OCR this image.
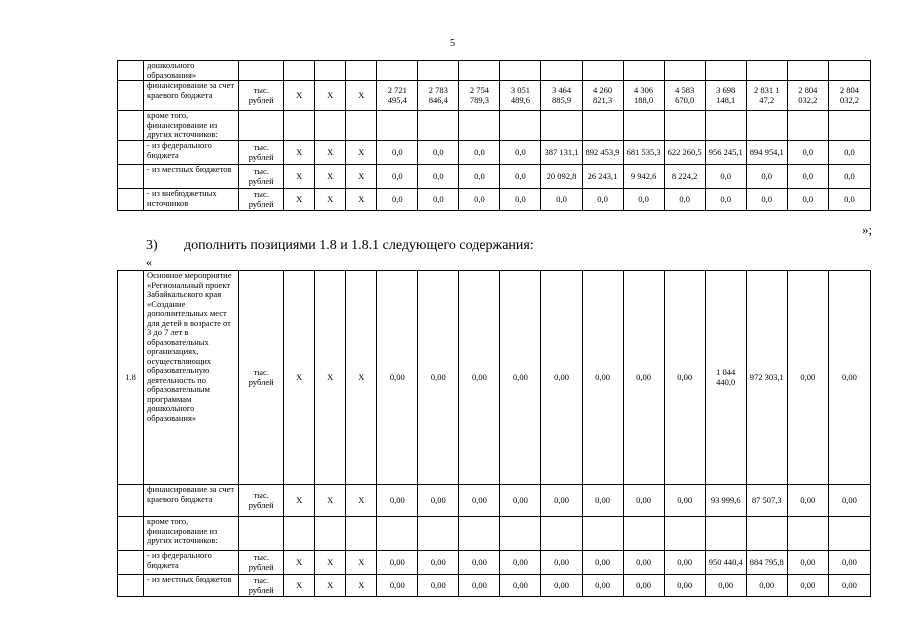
5
	дошкольного образования»																
	финансирование за счет краевого бюджета	тыс. рублей	X	X	X	2 721 495,4	2 783 846,4	2 754 789,3	3 051 489,6	3 464 885,9	4 260 821,3	4 306 188,0	4 583 670,0	3 698 148,1	2 831 1 47,2	2 804 032,2	2 804 032,2
	кроме того, финансирование из других источников:																
	- из федерального бюджета	тыс. рублей	X	X	X	0,0	0,0	0,0	0,0	387 131,1	892 453,9	681 535,3	622 260,5	956 245,1	894 954,1	0,0	0,0
	- из местных бюджетов	тыс. рублей	X	X	X	0,0	0,0	0,0	0,0	20 092,8	26 243,1	9 942,6	8 224,2	0,0	0,0	0,0	0,0
	- из внебюджетных источников	тыс. рублей	X	X	X	0,0	0,0	0,0	0,0	0,0	0,0	0,0	0,0	0,0	0,0	0,0	0,0
»;
3) дополнить позициями 1.8 и 1.8.1 следующего содержания:
«
1.8	Основное мероприятие «Региональный проект Забайкальского края «Создание дополнительных мест для детей в возрасте от 3 до 7 лет в образовательных организациях, осуществляющих образовательную деятельность по образовательным программам дошкольного образования»	тыс. рублей	X	X	X	0,00	0,00	0,00	0,00	0,00	0,00	0,00	0,00	1 044 440,0	972 303,1	0,00	0,00
	финансирование за счет краевого бюджета	тыс. рублей	X	X	X	0,00	0,00	0,00	0,00	0,00	0,00	0,00	0,00	93 999,6	87 507,3	0,00	0,00
	кроме того, финансирование из других источников:																
	- из федерального бюджета	тыс. рублей	X	X	X	0,00	0,00	0,00	0,00	0,00	0,00	0,00	0,00	950 440,4	884 795,8	0,00	0,00
	- из местных бюджетов	тыс. рублей	X	X	X	0,00	0,00	0,00	0,00	0,00	0,00	0,00	0,00	0,00	0,00	0,00	0,00
